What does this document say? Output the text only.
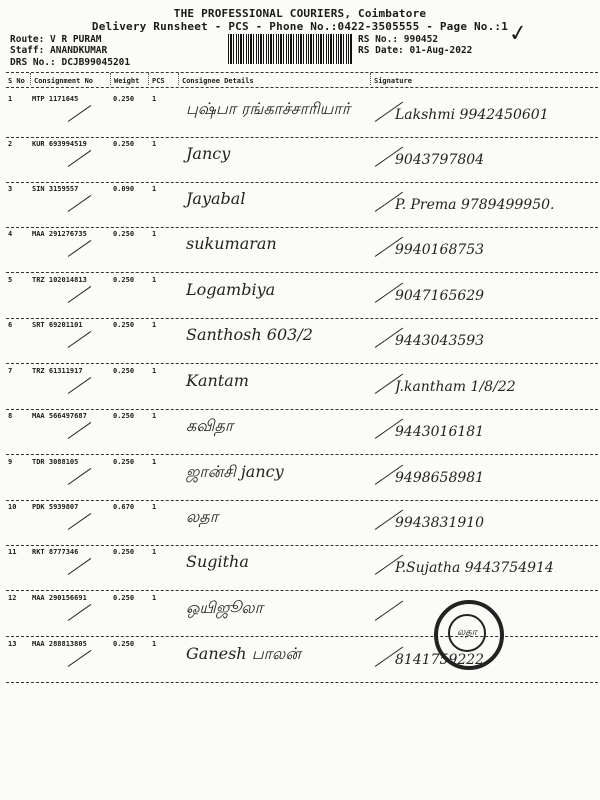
THE PROFESSIONAL COURIERS, Coimbatore
Delivery Runsheet - PCS - Phone No.:0422-3505555 - Page No.:1 ✓
Route: V R PURAM
Staff: ANANDKUMAR
DRS No.: DCJB99045201
RS No.: 990452
RS Date: 01-Aug-2022
S No Consignment No	Weight PCS Consignee Details	Signature
1	MTP 1171645	0.250	1 புஷ்பா ரங்காச்சாரியார்	Lakshmi 9942450601
2	KUR 693994519	0.250	1 Jancy	9043797804
3	SIN 3159557	0.090	1 Jayabal	P. Prema 9789499950.
4	MAA 291276735	0.250	1 sukumaran	9940168753
5	TRZ 102014813	0.250	1 Logambiya	9047165629
6	SRT 69201101	0.250	1 Santhosh 603/2	9443043593
7	TRZ 61311917	0.250	1 Kantam	J.kantham 1/8/22
8	MAA 566497687	0.250	1 கவிதா	9443016181
9	TDR 3088105	0.250	1 ஜான்சி jancy	9498658981
10 PDK 5939807	0.670	1 லதா	9943831910
11 RKT 8777346	0.250	1 Sugitha	P.Sujatha 9443754914
12 MAA 290156691	0.250	1 ஒயிஜூலா
13 MAA 288813805	0.250	1 Ganesh பாலன்	8141759222
லதா
